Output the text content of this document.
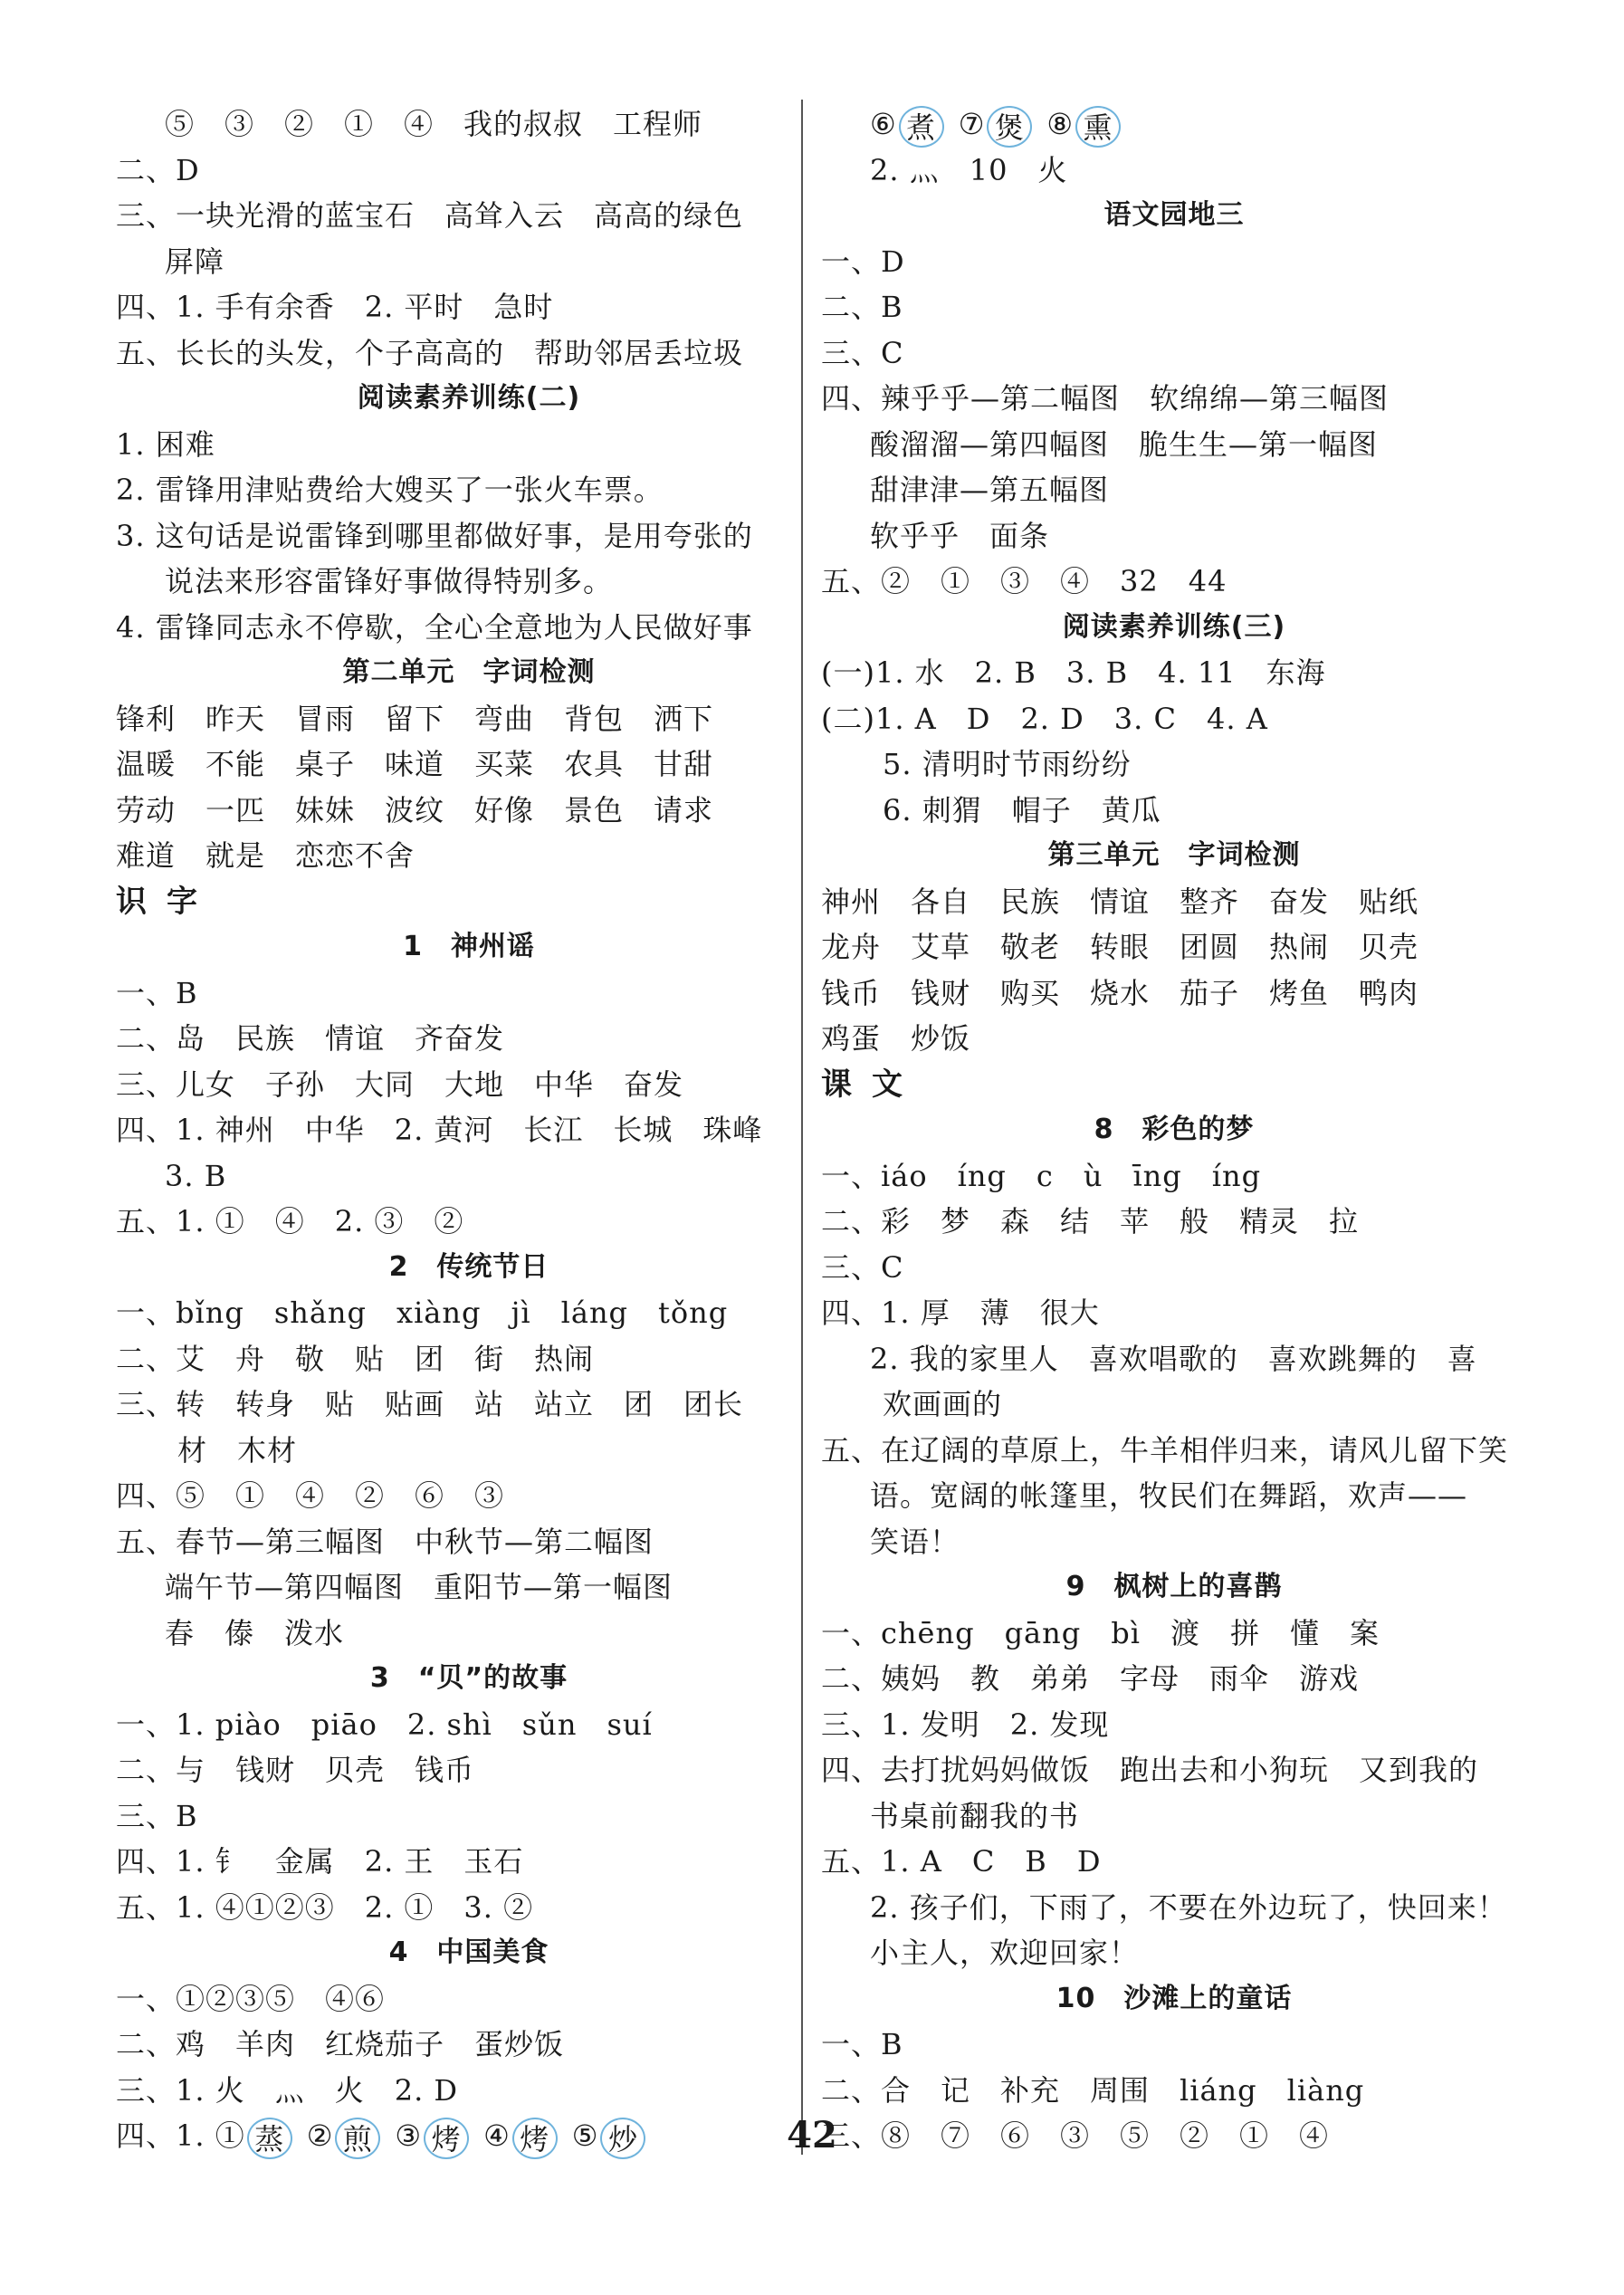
⑤　③　②　①　④　我的叔叔　工程师
二、D
三、一块光滑的蓝宝石　高耸入云　高高的绿色
屏障
四、1. 手有余香　2. 平时　急时
五、长长的头发，个子高高的　帮助邻居丢垃圾
阅读素养训练(二)
1. 困难
2. 雷锋用津贴费给大嫂买了一张火车票。
3. 这句话是说雷锋到哪里都做好事，是用夸张的
说法来形容雷锋好事做得特别多。
4. 雷锋同志永不停歇，全心全意地为人民做好事
第二单元　字词检测
锋利　昨天　冒雨　留下　弯曲　背包　洒下
温暖　不能　桌子　味道　买菜　农具　甘甜
劳动　一匹　妹妹　波纹　好像　景色　请求
难道　就是　恋恋不舍
识字
1　神州谣
一、B
二、岛　民族　情谊　齐奋发
三、儿女　子孙　大同　大地　中华　奋发
四、1. 神州　中华　2. 黄河　长江　长城　珠峰
3. B
五、1. ①　④　2. ③　②
2　传统节日
一、bǐng　shǎng　xiàng　jì　láng　tǒng
二、艾　舟　敬　贴　团　街　热闹
三、转　转身　贴　贴画　站　站立　团　团长
材　木材
四、⑤　①　④　②　⑥　③
五、春节—第三幅图　中秋节—第二幅图
端午节—第四幅图　重阳节—第一幅图
春　傣　泼水
3　“贝”的故事
一、1. piào　piāo　2. shì　sǔn　suí
二、与　钱财　贝壳　钱币
三、B
四、1. 钅　金属　2. 王　玉石
五、1. ④①②③　2. ①　3. ②
4　中国美食
一、①②③⑤　④⑥
二、鸡　羊肉　红烧茄子　蛋炒饭
三、1. 火　灬　火　2. D
四、1. ① 蒸 ② 煎 ③ 烤 ④ 烤 ⑤ 炒
⑥ 煮 ⑦ 煲 ⑧ 熏
2. 灬　10　火
语文园地三
一、D
二、B
三、C
四、辣乎乎—第二幅图　软绵绵—第三幅图
酸溜溜—第四幅图　脆生生—第一幅图
甜津津—第五幅图
软乎乎　面条
五、②　①　③　④　32　44
阅读素养训练(三)
(一)1. 水　2. B　3. B　4. 11　东海
(二)1. A　D　2. D　3. C　4. A
5. 清明时节雨纷纷
6. 刺猬　帽子　黄瓜
第三单元　字词检测
神州　各自　民族　情谊　整齐　奋发　贴纸
龙舟　艾草　敬老　转眼　团圆　热闹　贝壳
钱币　钱财　购买　烧水　茄子　烤鱼　鸭肉
鸡蛋　炒饭
课文
8　彩色的梦
一、iáo　íng　c　ù　īng　íng
二、彩　梦　森　结　苹　般　精灵　拉
三、C
四、1. 厚　薄　很大
2. 我的家里人　喜欢唱歌的　喜欢跳舞的　喜
欢画画的
五、在辽阔的草原上，牛羊相伴归来，请风儿留下笑
语。宽阔的帐篷里，牧民们在舞蹈，欢声——
笑语！
9　枫树上的喜鹊
一、chēng　gāng　bì　渡　拼　懂　案
二、姨妈　教　弟弟　字母　雨伞　游戏
三、1. 发明　2. 发现
四、去打扰妈妈做饭　跑出去和小狗玩　又到我的
书桌前翻我的书
五、1. A　C　B　D
2. 孩子们，下雨了，不要在外边玩了，快回来！
小主人，欢迎回家！
10　沙滩上的童话
一、B
二、合　记　补充　周围　liáng　liàng
三、⑧　⑦　⑥　③　⑤　②　①　④
42
